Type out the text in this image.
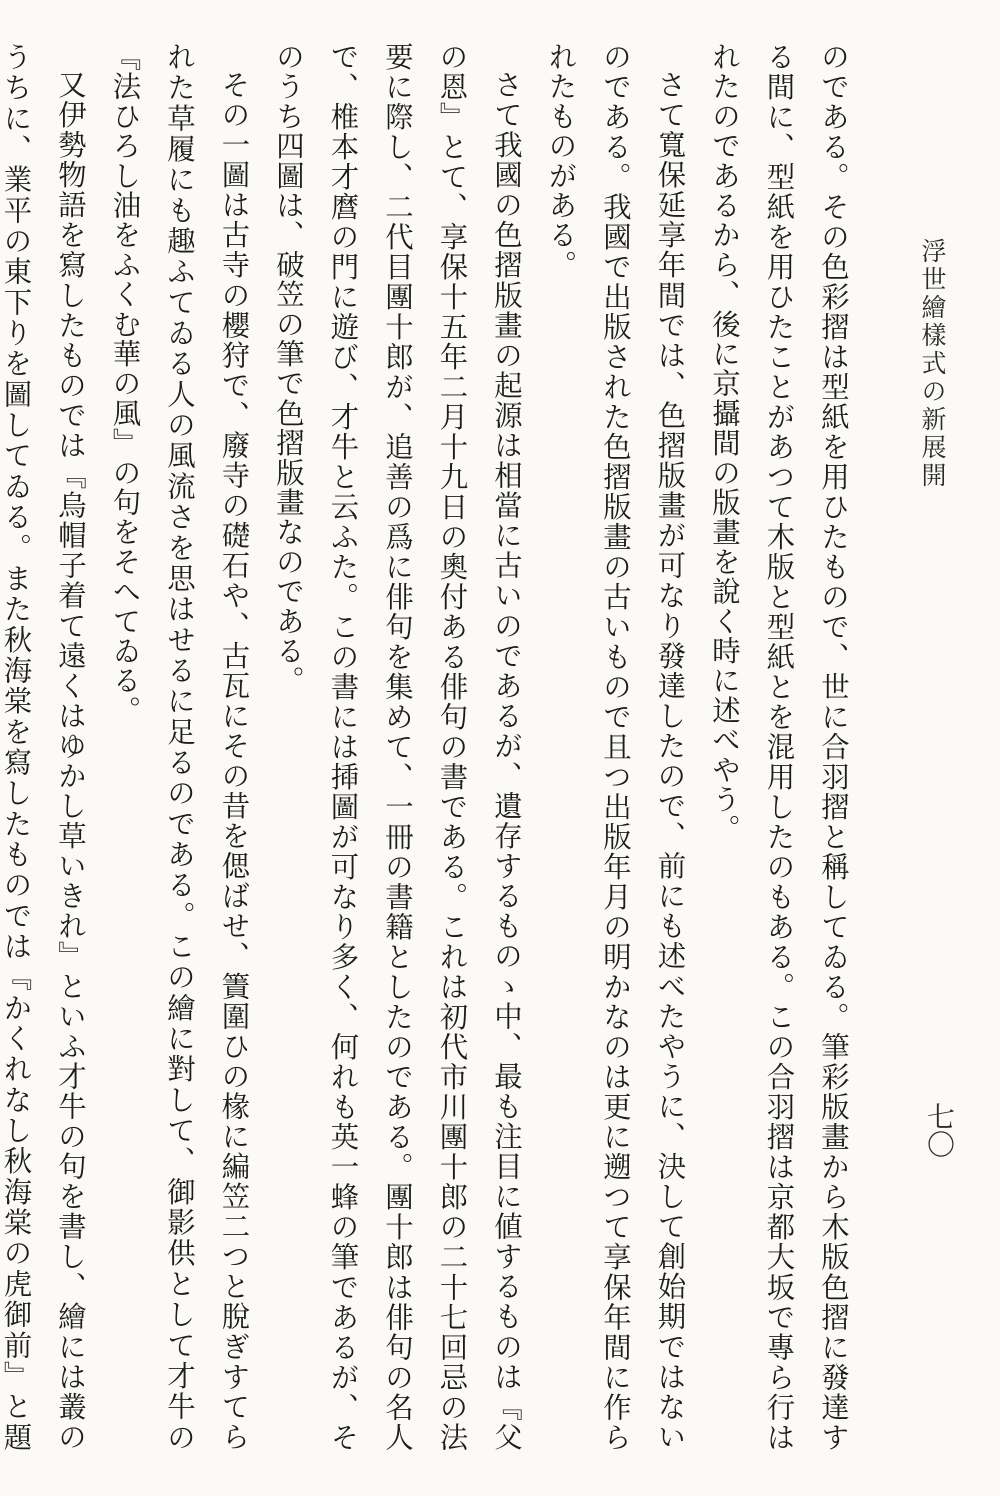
浮世繪樣式の新展開
七〇

のである。その色彩摺は型紙を用ひたもので、世に合羽摺と稱してゐる。筆彩版畫から木版色摺に發達する間に、型紙を用ひたことがあつて木版と型紙とを混用したのもある。この合羽摺は京都大坂で專ら行はれたのであるから、後に京攝間の版畫を說く時に述べやう。

さて寬保延享年間では、色摺版畫が可なり發達したので、前にも述べたやうに、決して創始期ではないのである。我國で出版された色摺版畫の古いもので且つ出版年月の明かなのは更に遡つて享保年間に作られたものがある。

さて我國の色摺版畫の起源は相當に古いのであるが、遺存するものゝ中、最も注目に値するものは『父の恩』とて、享保十五年二月十九日の奧付ある俳句の書である。これは初代市川團十郎の二十七回忌の法要に際し、二代目團十郎が、追善の爲に俳句を集めて、一冊の書籍としたのである。團十郎は俳句の名人で、椎本才麿の門に遊び、才牛と云ふた。この書には揷圖が可なり多く、何れも英一蜂の筆であるが、そのうち四圖は、破笠の筆で色摺版畫なのである。

その一圖は古寺の櫻狩で、廢寺の礎石や、古瓦にその昔を偲ばせ、簀圍ひの椽に編笠二つと脫ぎすてられた草履にも趣ふてゐる人の風流さを思はせるに足るのである。この繪に對して、御影供として才牛の『法ひろし油をふくむ華の風』の句をそへてゐる。

又伊勢物語を寫したものでは『烏帽子着て遠くはゆかし草いきれ』といふ才牛の句を書し、繪には叢のうちに、業平の東下りを圖してゐる。また秋海棠を寫したものでは『かくれなし秋海棠の虎御前』と題
